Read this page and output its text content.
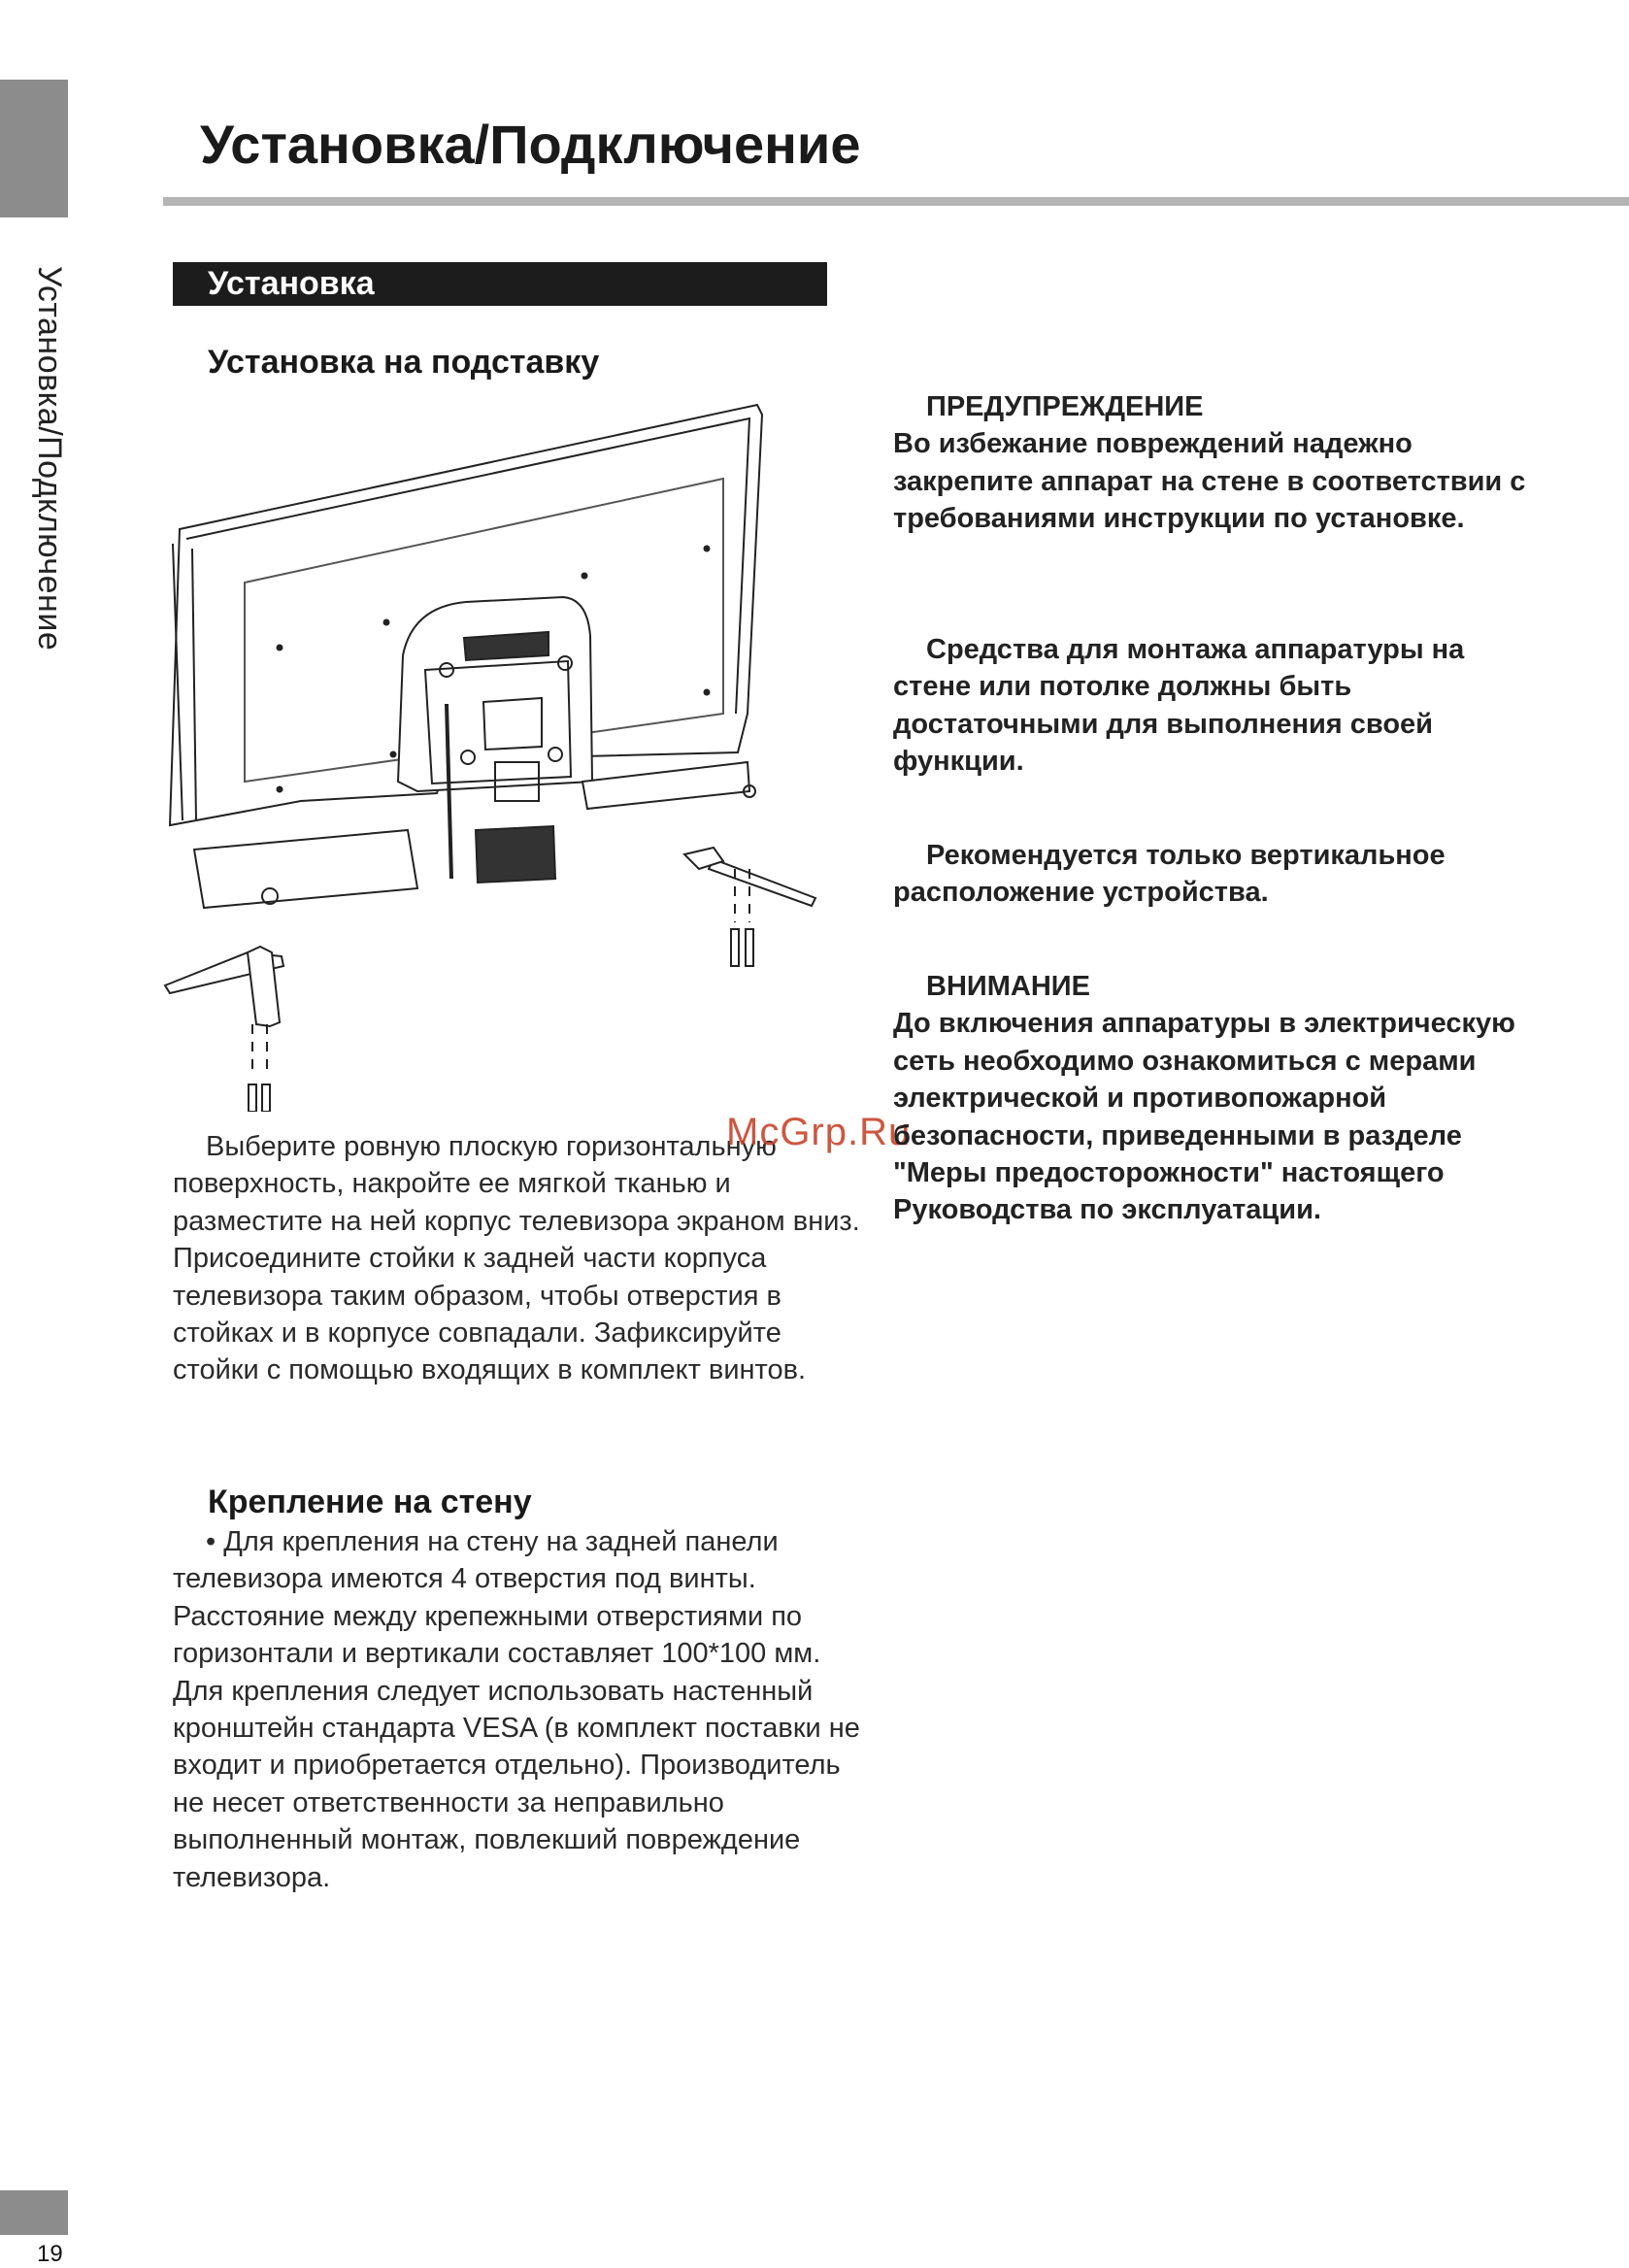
Установка/Подключение
19
Установка/Подключение
Установка
Установка на подставку

Выберите ровную плоскую горизонтальную поверхность, накройте ее мягкой тканью и разместите на ней корпус телевизора экраном вниз. Присоедините стойки к задней части корпуса телевизора таким образом, чтобы отверстия в стойках и в корпусе совпадали. Зафиксируйте стойки с помощью входящих в комплект винтов.

McGrp.Ru
Крепление на стену

• Для крепления на стену на задней панели телевизора имеются 4 отверстия под винты. Расстояние между крепежными отверстиями по горизонтали и вертикали составляет 100*100 мм.

Для крепления следует использовать настенный кронштейн стандарта VESA (в комплект поставки не входит и приобретается отдельно). Производитель не несет ответственности за неправильно выполненный монтаж, повлекший повреждение телевизора.

ПРЕДУПРЕЖДЕНИЕ

Во избежание повреждений надежно закрепите аппарат на стене в соответствии с требованиями инструкции по установке.

Средства для монтажа аппаратуры на стене или потолке должны быть достаточными для выполнения своей функции.

Рекомендуется только вертикальное расположение устройства.

ВНИМАНИЕ

До включения аппаратуры в электрическую сеть необходимо ознакомиться с мерами электрической и противопожарной безопасности, приведенными в разделе "Меры предосторожности" настоящего Руководства по эксплуатации.
